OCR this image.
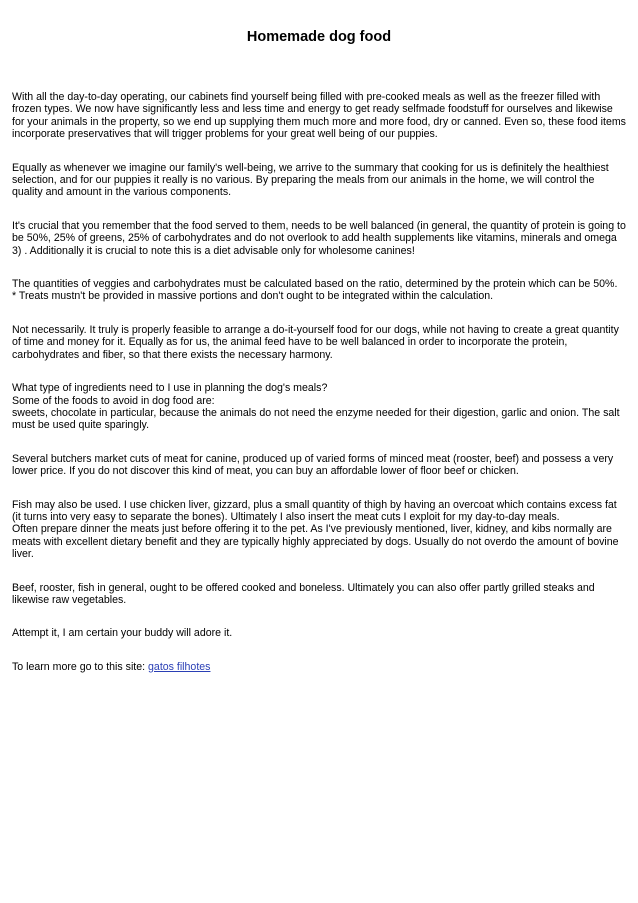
Homemade dog food
With all the day-to-day operating, our cabinets find yourself being filled with pre-cooked meals as well as the freezer filled with frozen types. We now have significantly less and less time and energy to get ready selfmade foodstuff for ourselves and likewise for your animals in the property, so we end up supplying them much more and more food, dry or canned. Even so, these food items incorporate preservatives that will trigger problems for your great well being of our puppies.
Equally as whenever we imagine our family's well-being, we arrive to the summary that cooking for us is definitely the healthiest selection, and for our puppies it really is no various. By preparing the meals from our animals in the home, we will control the quality and amount in the various components.
It's crucial that you remember that the food served to them, needs to be well balanced (in general, the quantity of protein is going to be 50%, 25% of greens, 25% of carbohydrates and do not overlook to add health supplements like vitamins, minerals and omega 3) . Additionally it is crucial to note this is a diet advisable only for wholesome canines!
The quantities of veggies and carbohydrates must be calculated based on the ratio, determined by the protein which can be 50%.
* Treats mustn't be provided in massive portions and don't ought to be integrated within the calculation.
Not necessarily. It truly is properly feasible to arrange a do-it-yourself food for our dogs, while not having to create a great quantity of time and money for it. Equally as for us, the animal feed have to be well balanced in order to incorporate the protein, carbohydrates and fiber, so that there exists the necessary harmony.
What type of ingredients need to I use in planning the dog's meals?
Some of the foods to avoid in dog food are:
sweets, chocolate in particular, because the animals do not need the enzyme needed for their digestion, garlic and onion. The salt must be used quite sparingly.
Several butchers market cuts of meat for canine, produced up of varied forms of minced meat (rooster, beef) and possess a very lower price. If you do not discover this kind of meat, you can buy an affordable lower of floor beef or chicken.
Fish may also be used. I use chicken liver, gizzard, plus a small quantity of thigh by having an overcoat which contains excess fat (it turns into very easy to separate the bones). Ultimately I also insert the meat cuts I exploit for my day-to-day meals.
Often prepare dinner the meats just before offering it to the pet. As I've previously mentioned, liver, kidney, and kibs normally are meats with excellent dietary benefit and they are typically highly appreciated by dogs. Usually do not overdo the amount of bovine liver.
Beef, rooster, fish in general, ought to be offered cooked and boneless. Ultimately you can also offer partly grilled steaks and likewise raw vegetables.
Attempt it, I am certain your buddy will adore it.
To learn more go to this site: gatos filhotes
